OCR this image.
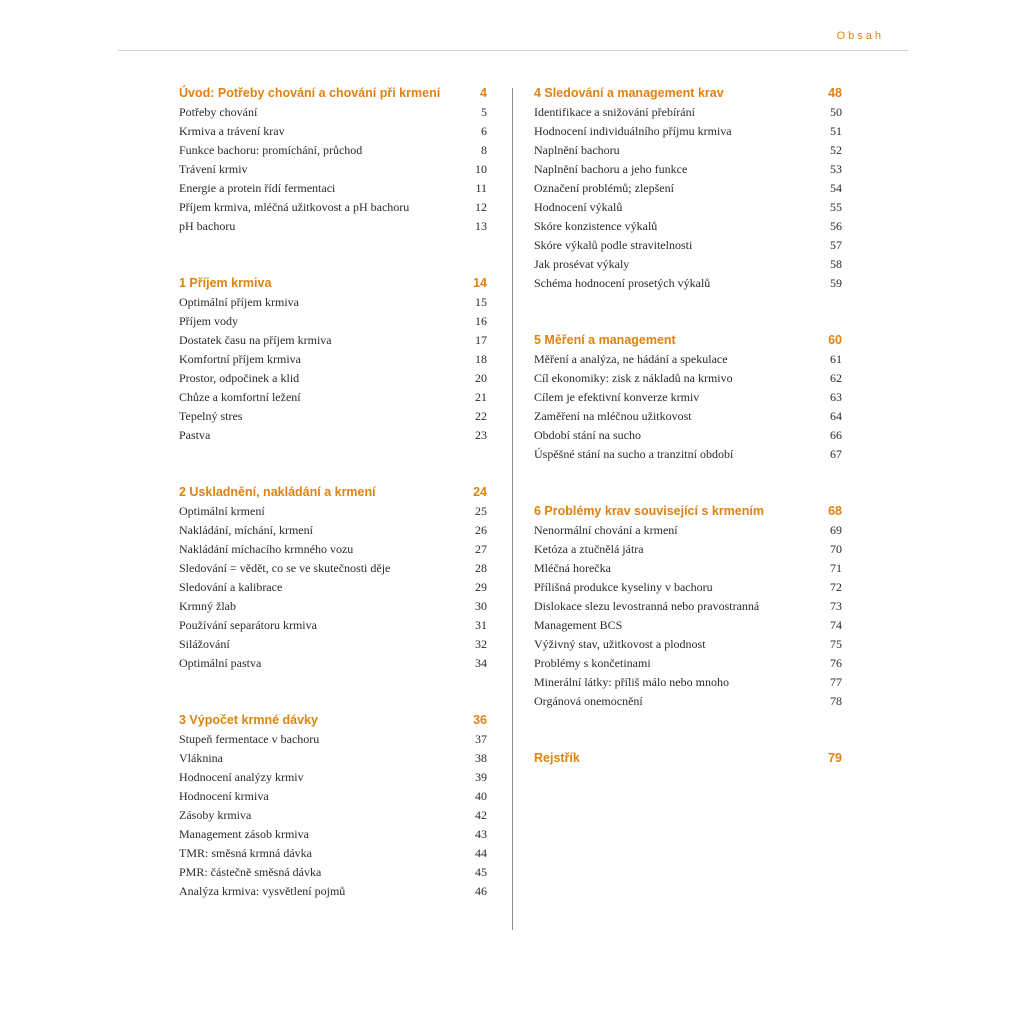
Obsah
Úvod: Potřeby chování a chování při krmení	4
Potřeby chování	5
Krmiva a trávení krav	6
Funkce bachoru: promíchání, průchod	8
Trávení krmiv	10
Energie a protein řídí fermentaci	11
Příjem krmiva, mléčná užitkovost a pH bachoru	12
pH bachoru	13
1 Příjem krmiva	14
Optimální příjem krmiva	15
Příjem vody	16
Dostatek času na příjem krmiva	17
Komfortní příjem krmiva	18
Prostor, odpočinek a klid	20
Chůze a komfortní ležení	21
Tepelný stres	22
Pastva	23
2 Uskladnění, nakládání a krmení	24
Optimální krmení	25
Nakládání, míchání, krmení	26
Nakládání míchacího krmného vozu	27
Sledování = vědět, co se ve skutečnosti děje	28
Sledování a kalibrace	29
Krmný žlab	30
Používání separátoru krmiva	31
Silážování	32
Optimální pastva	34
3 Výpočet krmné dávky	36
Stupeň fermentace v bachoru	37
Vláknina	38
Hodnocení analýzy krmiv	39
Hodnocení krmiva	40
Zásoby krmiva	42
Management zásob krmiva	43
TMR: směsná krmná dávka	44
PMR: částečně směsná dávka	45
Analýza krmiva: vysvětlení pojmů	46
4 Sledování a management krav	48
Identifikace a snižování přebírání	50
Hodnocení individuálního příjmu krmiva	51
Naplnění bachoru	52
Naplnění bachoru a jeho funkce	53
Označení problémů; zlepšení	54
Hodnocení výkalů	55
Skóre konzistence výkalů	56
Skóre výkalů podle stravitelnosti	57
Jak prosévat výkaly	58
Schéma hodnocení prosetých výkalů	59
5 Měření a management	60
Měření a analýza, ne hádání a spekulace	61
Cíl ekonomiky: zisk z nákladů na krmivo	62
Cílem je efektivní konverze krmiv	63
Zaměření na mléčnou užitkovost	64
Období stání na sucho	66
Úspěšné stání na sucho a tranzitní období	67
6 Problémy krav související s krmením	68
Nenormální chování a krmení	69
Ketóza a ztučnělá játra	70
Mléčná horečka	71
Přílišná produkce kyseliny v bachoru	72
Dislokace slezu levostranná nebo pravostranná	73
Management BCS	74
Výživný stav, užitkovost a plodnost	75
Problémy s končetinami	76
Minerální látky: příliš málo nebo mnoho	77
Orgánová onemocnění	78
Rejstřík	79
